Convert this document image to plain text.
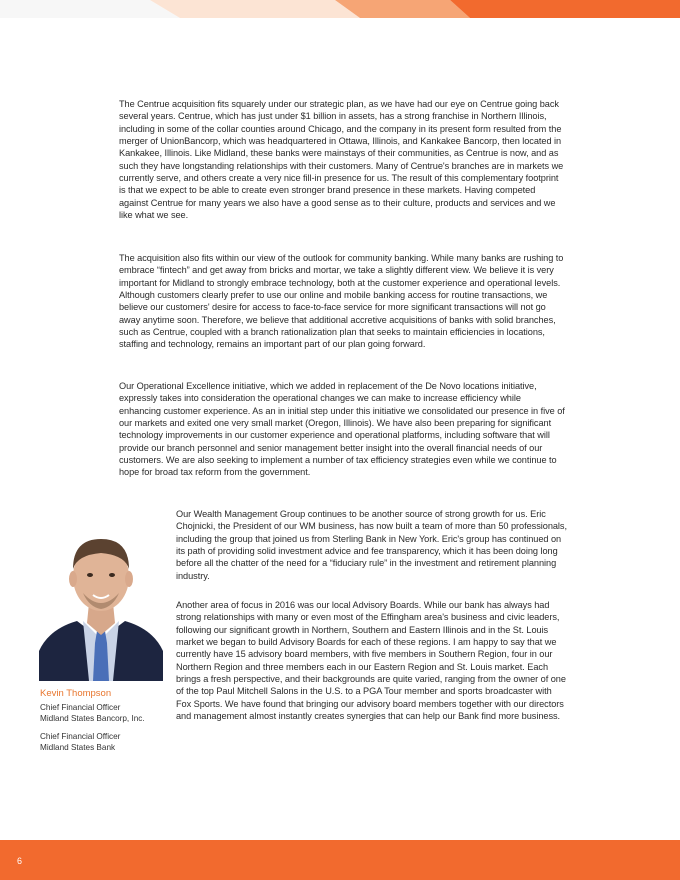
The Centrue acquisition fits squarely under our strategic plan, as we have had our eye on Centrue going back several years. Centrue, which has just under $1 billion in assets, has a strong franchise in Northern Illinois, including in some of the collar counties around Chicago, and the company in its present form resulted from the merger of UnionBancorp, which was headquartered in Ottawa, Illinois, and Kankakee Bancorp, then located in Kankakee, Illinois. Like Midland, these banks were mainstays of their communities, as Centrue is now, and as such they have longstanding relationships with their customers. Many of Centrue's branches are in markets we currently serve, and others create a very nice fill-in presence for us. The result of this complementary footprint is that we expect to be able to create even stronger brand presence in these markets. Having competed against Centrue for many years we also have a good sense as to their culture, products and services and we like what we see.

The acquisition also fits within our view of the outlook for community banking. While many banks are rushing to embrace “fintech” and get away from bricks and mortar, we take a slightly different view. We believe it is very important for Midland to strongly embrace technology, both at the customer experience and operational levels. Although customers clearly prefer to use our online and mobile banking access for routine transactions, we believe our customers' desire for access to face-to-face service for more significant transactions will not go away anytime soon. Therefore, we believe that additional accretive acquisitions of banks with solid branches, such as Centrue, coupled with a branch rationalization plan that seeks to maintain efficiencies in locations, staffing and technology, remains an important part of our plan going forward.

Our Operational Excellence initiative, which we added in replacement of the De Novo locations initiative, expressly takes into consideration the operational changes we can make to increase efficiency while enhancing customer experience. As an in initial step under this initiative we consolidated our presence in five of our markets and exited one very small market (Oregon, Illinois). We have also been preparing for significant technology improvements in our customer experience and operational platforms, including software that will provide our branch personnel and senior management better insight into the overall financial needs of our customers. We are also seeking to implement a number of tax efficiency strategies even while we continue to hope for broad tax reform from the government.

Kevin Thompson
Chief Financial Officer
Midland States Bancorp, Inc.
Chief Financial Officer
Midland States Bank

Our Wealth Management Group continues to be another source of strong growth for us. Eric Chojnicki, the President of our WM business, has now built a team of more than 50 professionals, including the group that joined us from Sterling Bank in New York. Eric's group has continued on its path of providing solid investment advice and fee transparency, which it has been doing long before all the chatter of the need for a “fiduciary rule” in the investment and retirement planning industry.

Another area of focus in 2016 was our local Advisory Boards. While our bank has always had strong relationships with many or even most of the Effingham area's business and civic leaders, following our significant growth in Northern, Southern and Eastern Illinois and in the St. Louis market we began to build Advisory Boards for each of these regions. I am happy to say that we currently have 15 advisory board members, with five members in Southern Region, four in our Northern Region and three members each in our Eastern Region and St. Louis market. Each brings a fresh perspective, and their backgrounds are quite varied, ranging from the owner of one of the top Paul Mitchell Salons in the U.S. to a PGA Tour member and sports broadcaster with Fox Sports. We have found that bringing our advisory board members together with our directors and management almost instantly creates synergies that can help our Bank find more business.

6
